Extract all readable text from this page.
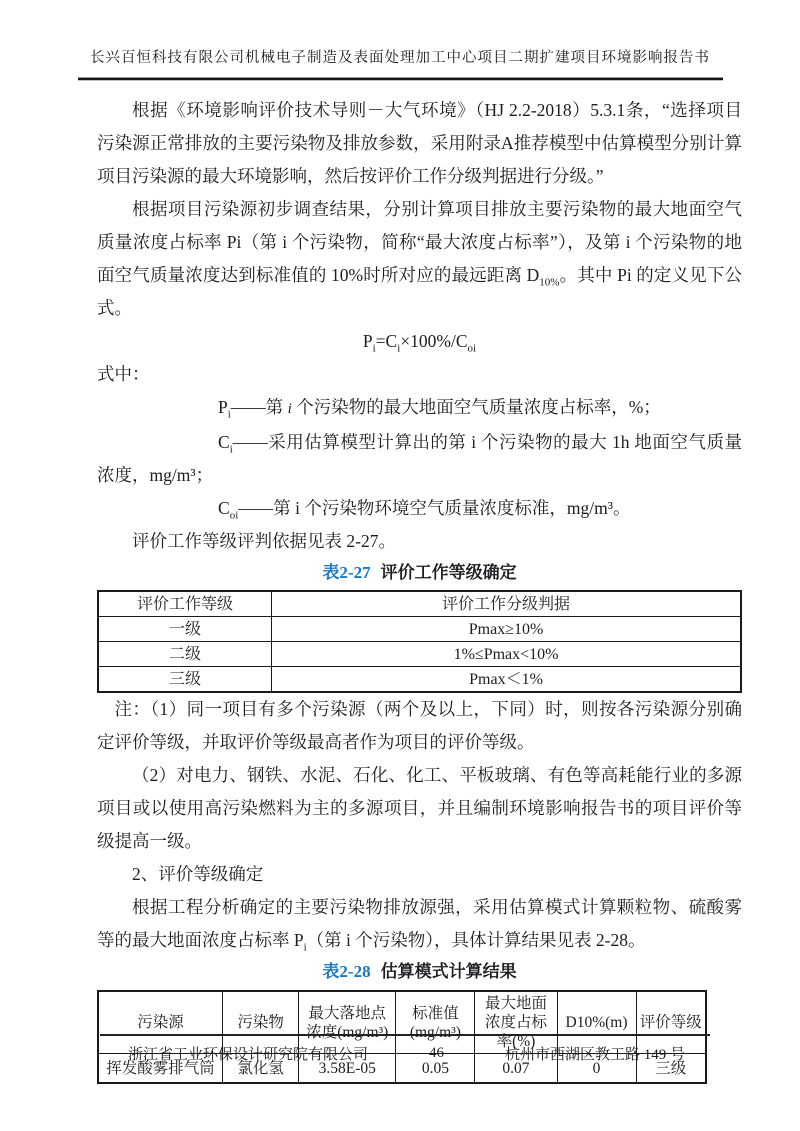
长兴百恒科技有限公司机械电子制造及表面处理加工中心项目二期扩建项目环境影响报告书

根据《环境影响评价技术导则－大气环境》（HJ 2.2-2018）5.3.1条，“选择项目污染源正常排放的主要污染物及排放参数，采用附录A推荐模型中估算模型分别计算项目污染源的最大环境影响，然后按评价工作分级判据进行分级。”

根据项目污染源初步调查结果，分别计算项目排放主要污染物的最大地面空气质量浓度占标率 Pi（第 i 个污染物，简称“最大浓度占标率”），及第 i 个污染物的地面空气质量浓度达到标准值的 10%时所对应的最远距离 $D_{10\%}$。其中 Pi 的定义见下公式。

$P_i=C_i\times 100\%/C_{oi}$

式中：

$P_i——$第 i 个污染物的最大地面空气质量浓度占标率，%；

$C_i——$采用估算模型计算出的第 i 个污染物的最大 1h 地面空气质量浓度，mg/m³；

$C_{oi}——$第 i 个污染物环境空气质量浓度标准，mg/m³。

评价工作等级评判依据见表 2-27。

表2-27 评价工作等级确定

评价工作等级	评价工作分级判据
一级	Pmax≥10%
二级	1%≤Pmax<10%
三级	Pmax＜1%

注：（1）同一项目有多个污染源（两个及以上，下同）时，则按各污染源分别确定评价等级，并取评价等级最高者作为项目的评价等级。

（2）对电力、钢铁、水泥、石化、化工、平板玻璃、有色等高耗能行业的多源项目或以使用高污染燃料为主的多源项目，并且编制环境影响报告书的项目评价等级提高一级。

2、评价等级确定

根据工程分析确定的主要污染物排放源强，采用估算模式计算颗粒物、硫酸雾等的最大地面浓度占标率 $P_i$（第 i 个污染物），具体计算结果见表 2-28。

表2-28 估算模式计算结果

污染源	污染物	最大落地点浓度(mg/m³)	标准值(mg/m³)	最大地面浓度占标率(%)	D10%(m)	评价等级
挥发酸雾排气筒	氯化氢	3.58E-05	0.05	0.07	0	三级
浙江省工业环保设计研究院有限公司	46	杭州市西湖区教工路 149 号
